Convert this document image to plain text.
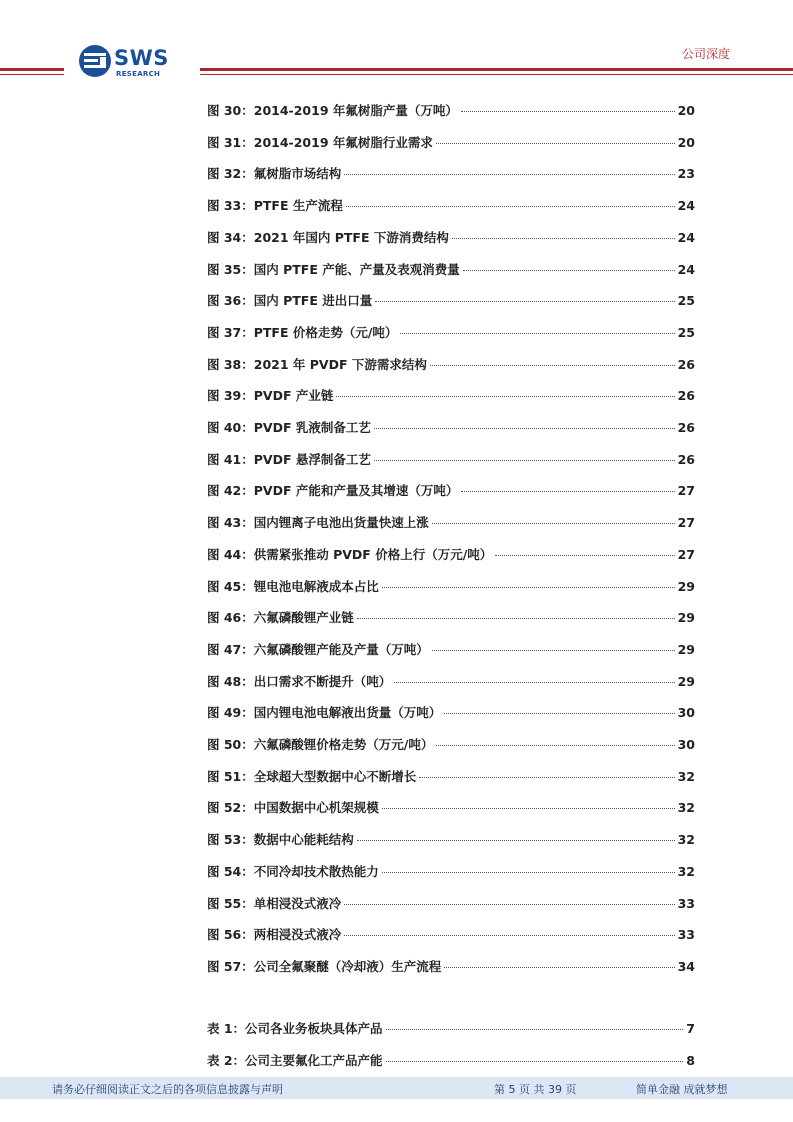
SWS
RESEARCH
公司深度
图 30：2014-2019 年氟树脂产量（万吨）	20
图 31：2014-2019 年氟树脂行业需求	20
图 32：氟树脂市场结构	23
图 33：PTFE 生产流程	24
图 34：2021 年国内 PTFE 下游消费结构	24
图 35：国内 PTFE 产能、产量及表观消费量	24
图 36：国内 PTFE 进出口量	25
图 37：PTFE 价格走势（元/吨）	25
图 38：2021 年 PVDF 下游需求结构	26
图 39：PVDF 产业链	26
图 40：PVDF 乳液制备工艺	26
图 41：PVDF 悬浮制备工艺	26
图 42：PVDF 产能和产量及其增速（万吨）	27
图 43：国内锂离子电池出货量快速上涨	27
图 44：供需紧张推动 PVDF 价格上行（万元/吨）	27
图 45：锂电池电解液成本占比	29
图 46：六氟磷酸锂产业链	29
图 47：六氟磷酸锂产能及产量（万吨）	29
图 48：出口需求不断提升（吨）	29
图 49：国内锂电池电解液出货量（万吨）	30
图 50：六氟磷酸锂价格走势（万元/吨）	30
图 51：全球超大型数据中心不断增长	32
图 52：中国数据中心机架规模	32
图 53：数据中心能耗结构	32
图 54：不同冷却技术散热能力	32
图 55：单相浸没式液冷	33
图 56：两相浸没式液冷	33
图 57：公司全氟聚醚（冷却液）生产流程	34
表 1：公司各业务板块具体产品	7
表 2：公司主要氟化工产品产能	8
请务必仔细阅读正文之后的各项信息披露与声明	第 5 页 共 39 页	简单金融 成就梦想
